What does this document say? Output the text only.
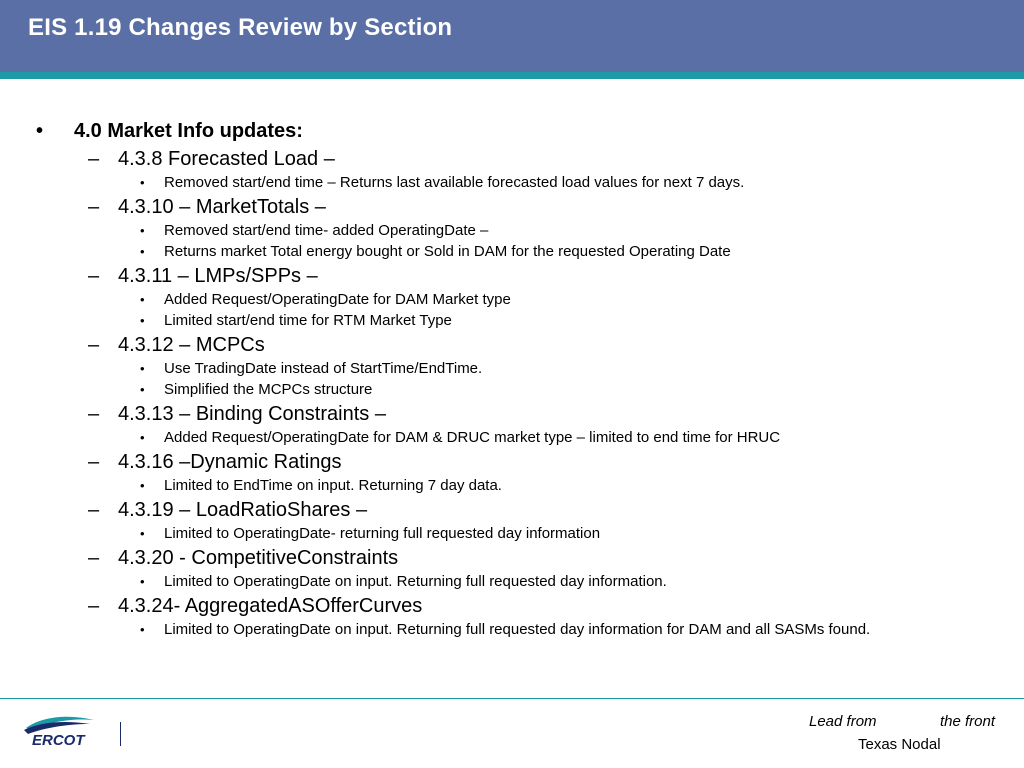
EIS 1.19 Changes Review by Section
• 4.0 Market Info updates:
– 4.3.8 Forecasted Load –
• Removed start/end time – Returns last available forecasted load values for next 7 days.
– 4.3.10 – MarketTotals –
• Removed start/end time- added OperatingDate –
• Returns market Total energy bought or Sold in DAM for the requested Operating Date
– 4.3.11 – LMPs/SPPs –
• Added Request/OperatingDate for DAM Market type
• Limited start/end time for RTM Market Type
– 4.3.12 – MCPCs
• Use TradingDate instead of StartTime/EndTime.
• Simplified the MCPCs structure
– 4.3.13 – Binding Constraints –
• Added Request/OperatingDate for DAM & DRUC market type – limited to end time for HRUC
– 4.3.16 –Dynamic Ratings
• Limited to EndTime on input. Returning 7 day data.
– 4.3.19 – LoadRatioShares –
• Limited to OperatingDate- returning full requested day information
– 4.3.20 - CompetitiveConstraints
• Limited to OperatingDate on input. Returning full requested day information.
– 4.3.24- AggregatedASOfferCurves
• Limited to OperatingDate on input. Returning full requested day information for DAM and all SASMs found.
ERCOT
Lead from	the front
Texas Nodal
